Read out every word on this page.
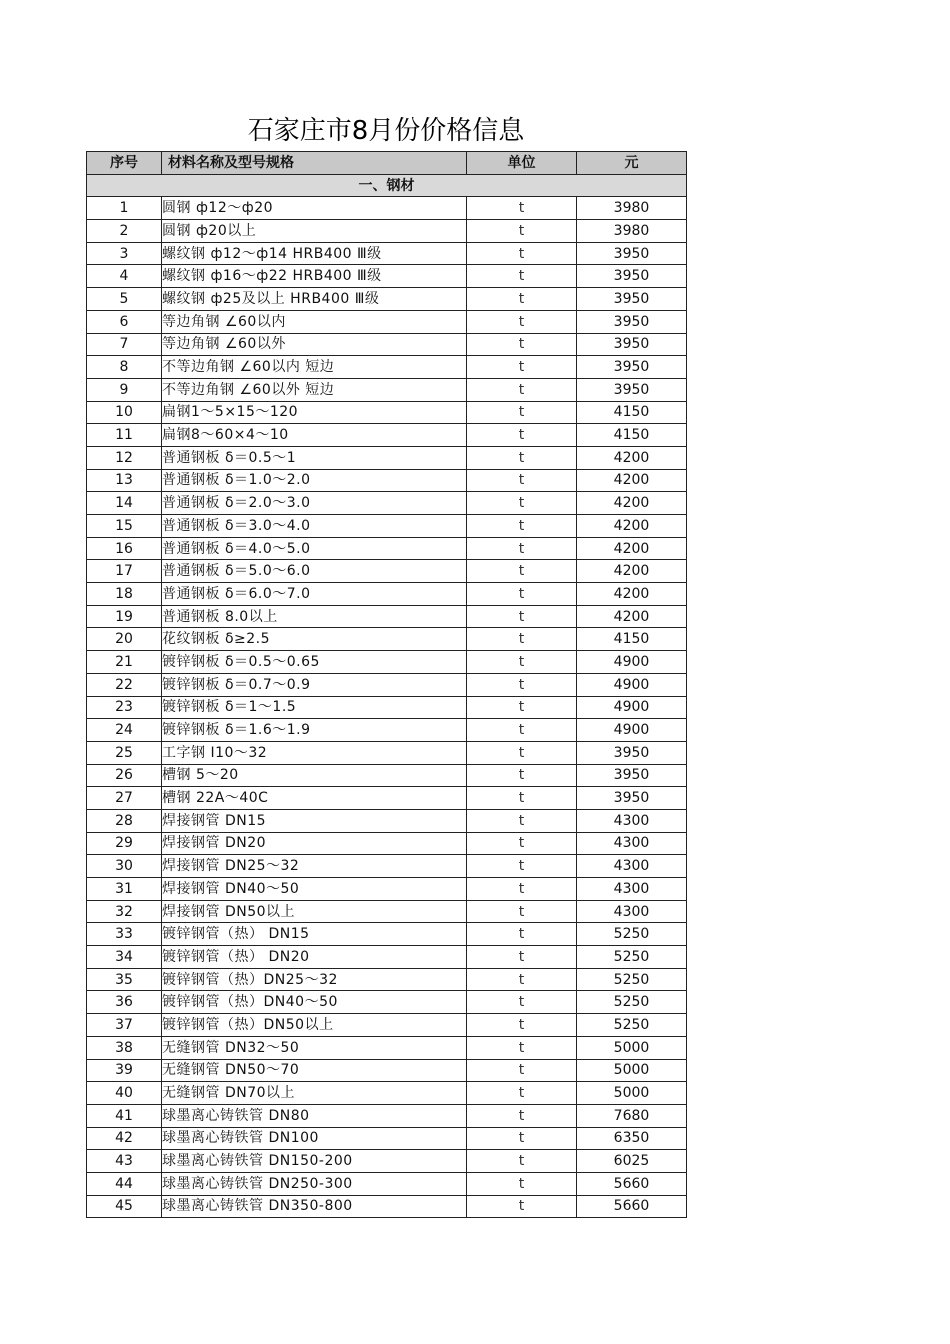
石家庄市8月份价格信息
序号	材料名称及型号规格	单位	元
一、钢材			
1	圆钢 ф12～ф20	t	3980
2	圆钢 ф20以上	t	3980
3	螺纹钢 ф12～ф14 HRB400 Ⅲ级	t	3950
4	螺纹钢 ф16～ф22 HRB400 Ⅲ级	t	3950
5	螺纹钢 ф25及以上 HRB400 Ⅲ级	t	3950
6	等边角钢 ∠60以内	t	3950
7	等边角钢 ∠60以外	t	3950
8	不等边角钢 ∠60以内 短边	t	3950
9	不等边角钢 ∠60以外 短边	t	3950
10	扁钢1～5×15～120	t	4150
11	扁钢8～60×4～10	t	4150
12	普通钢板 δ＝0.5～1	t	4200
13	普通钢板 δ＝1.0～2.0	t	4200
14	普通钢板 δ＝2.0～3.0	t	4200
15	普通钢板 δ＝3.0～4.0	t	4200
16	普通钢板 δ＝4.0～5.0	t	4200
17	普通钢板 δ＝5.0～6.0	t	4200
18	普通钢板 δ＝6.0～7.0	t	4200
19	普通钢板 8.0以上	t	4200
20	花纹钢板 δ≥2.5	t	4150
21	镀锌钢板 δ＝0.5～0.65	t	4900
22	镀锌钢板 δ＝0.7～0.9	t	4900
23	镀锌钢板 δ＝1～1.5	t	4900
24	镀锌钢板 δ＝1.6～1.9	t	4900
25	工字钢 Ⅰ10～32	t	3950
26	槽钢 5～20	t	3950
27	槽钢 22A～40C	t	3950
28	焊接钢管 DN15	t	4300
29	焊接钢管 DN20	t	4300
30	焊接钢管 DN25～32	t	4300
31	焊接钢管 DN40～50	t	4300
32	焊接钢管 DN50以上	t	4300
33	镀锌钢管（热） DN15	t	5250
34	镀锌钢管（热） DN20	t	5250
35	镀锌钢管（热）DN25～32	t	5250
36	镀锌钢管（热）DN40～50	t	5250
37	镀锌钢管（热）DN50以上	t	5250
38	无缝钢管 DN32～50	t	5000
39	无缝钢管 DN50～70	t	5000
40	无缝钢管 DN70以上	t	5000
41	球墨离心铸铁管 DN80	t	7680
42	球墨离心铸铁管 DN100	t	6350
43	球墨离心铸铁管 DN150-200	t	6025
44	球墨离心铸铁管 DN250-300	t	5660
45	球墨离心铸铁管 DN350-800	t	5660
